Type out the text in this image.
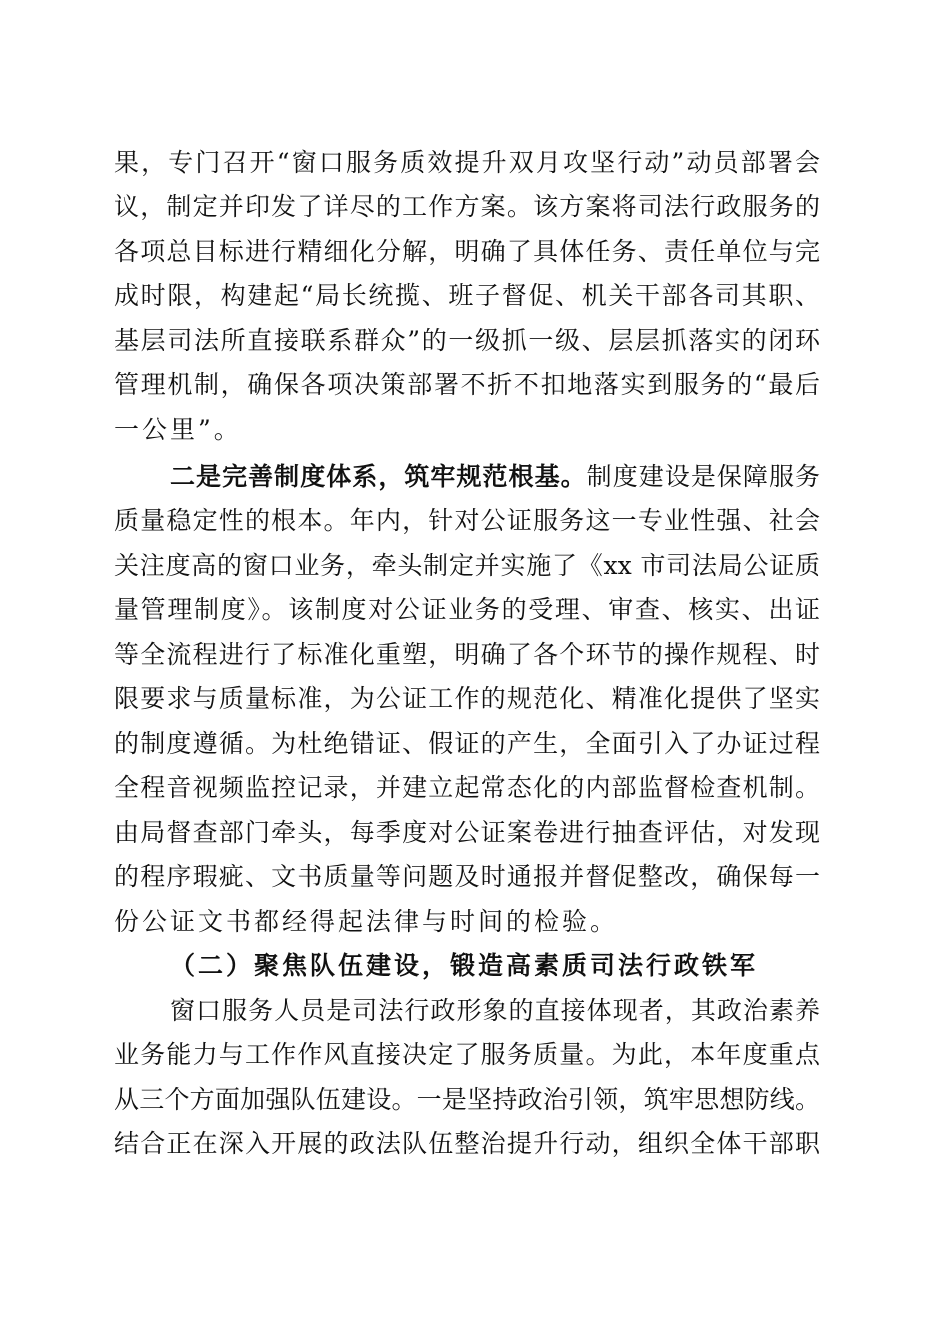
果，专门召开“窗口服务质效提升双月攻坚行动”动员部署会
议，制定并印发了详尽的工作方案。该方案将司法行政服务的
各项总目标进行精细化分解，明确了具体任务、责任单位与完
成时限，构建起“局长统揽、班子督促、机关干部各司其职、
基层司法所直接联系群众”的一级抓一级、层层抓落实的闭环
管理机制，确保各项决策部署不折不扣地落实到服务的“最后
一公里”。
二是完善制度体系，筑牢规范根基。制度建设是保障服务
质量稳定性的根本。年内，针对公证服务这一专业性强、社会
关注度高的窗口业务，牵头制定并实施了《xx 市司法局公证质
量管理制度》。该制度对公证业务的受理、审查、核实、出证
等全流程进行了标准化重塑，明确了各个环节的操作规程、时
限要求与质量标准，为公证工作的规范化、精准化提供了坚实
的制度遵循。为杜绝错证、假证的产生，全面引入了办证过程
全程音视频监控记录，并建立起常态化的内部监督检查机制。
由局督查部门牵头，每季度对公证案卷进行抽查评估，对发现
的程序瑕疵、文书质量等问题及时通报并督促整改，确保每一
份公证文书都经得起法律与时间的检验。
（二）聚焦队伍建设，锻造高素质司法行政铁军
窗口服务人员是司法行政形象的直接体现者，其政治素养
业务能力与工作作风直接决定了服务质量。为此，本年度重点
从三个方面加强队伍建设。一是坚持政治引领，筑牢思想防线。
结合正在深入开展的政法队伍整治提升行动，组织全体干部职
